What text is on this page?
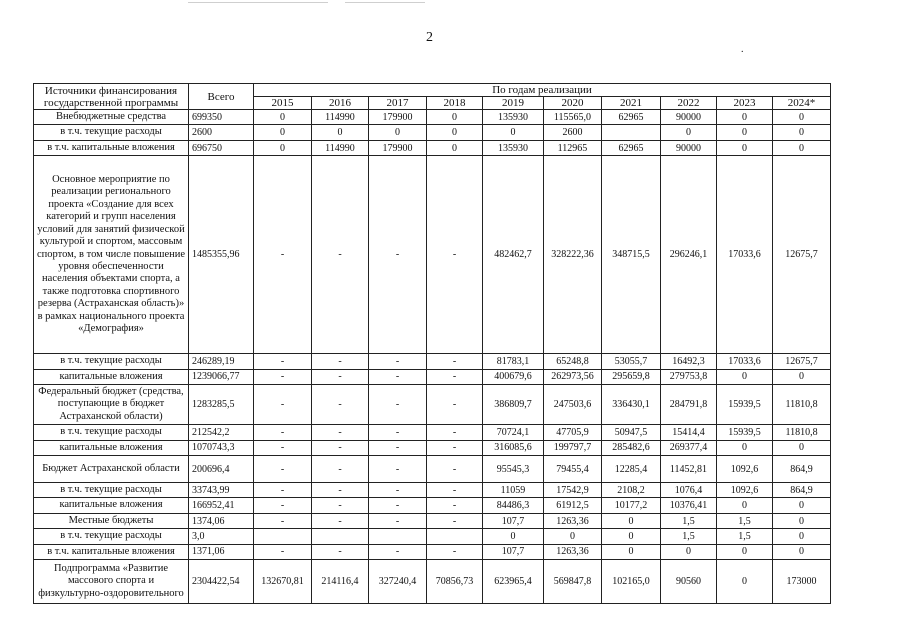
2
.
Источники финансирования государственной программы	Всего	По годам реализации									
		2015	2016	2017	2018	2019	2020	2021	2022	2023	2024*
Внебюджетные средства	699350	0	114990	179900	0	135930	115565,0	62965	90000	0	0
в т.ч. текущие расходы	2600	0	0	0	0	0	2600		0	0	0
в т.ч. капитальные вложения	696750	0	114990	179900	0	135930	112965	62965	90000	0	0
Основное мероприятие по реализации регионального проекта «Создание для всех категорий и групп населения условий для занятий физической культурой и спортом, массовым спортом, в том числе повышение уровня обеспеченности населения объектами спорта, а также подготовка спортивного резерва (Астраханская область)» в рамках национального проекта «Демография»	1485355,96	-	-	-	-	482462,7	328222,36	348715,5	296246,1	17033,6	12675,7
в т.ч. текущие расходы	246289,19	-	-	-	-	81783,1	65248,8	53055,7	16492,3	17033,6	12675,7
капитальные вложения	1239066,77	-	-	-	-	400679,6	262973,56	295659,8	279753,8	0	0
Федеральный бюджет (средства, поступающие в бюджет Астраханской области)	1283285,5	-	-	-	-	386809,7	247503,6	336430,1	284791,8	15939,5	11810,8
в т.ч. текущие расходы	212542,2	-	-	-	-	70724,1	47705,9	50947,5	15414,4	15939,5	11810,8
капитальные вложения	1070743,3	-	-	-	-	316085,6	199797,7	285482,6	269377,4	0	0
Бюджет Астраханской области	200696,4	-	-	-	-	95545,3	79455,4	12285,4	11452,81	1092,6	864,9
в т.ч. текущие расходы	33743,99	-	-	-	-	11059	17542,9	2108,2	1076,4	1092,6	864,9
капитальные вложения	166952,41	-	-	-	-	84486,3	61912,5	10177,2	10376,41	0	0
Местные бюджеты	1374,06	-	-	-	-	107,7	1263,36	0	1,5	1,5	0
в т.ч. текущие расходы	3,0					0	0	0	1,5	1,5	0
в т.ч. капитальные вложения	1371,06	-	-	-	-	107,7	1263,36	0	0	0	0
Подпрограмма «Развитие массового спорта и физкультурно-оздоровительного	2304422,54	132670,81	214116,4	327240,4	70856,73	623965,4	569847,8	102165,0	90560	0	173000
